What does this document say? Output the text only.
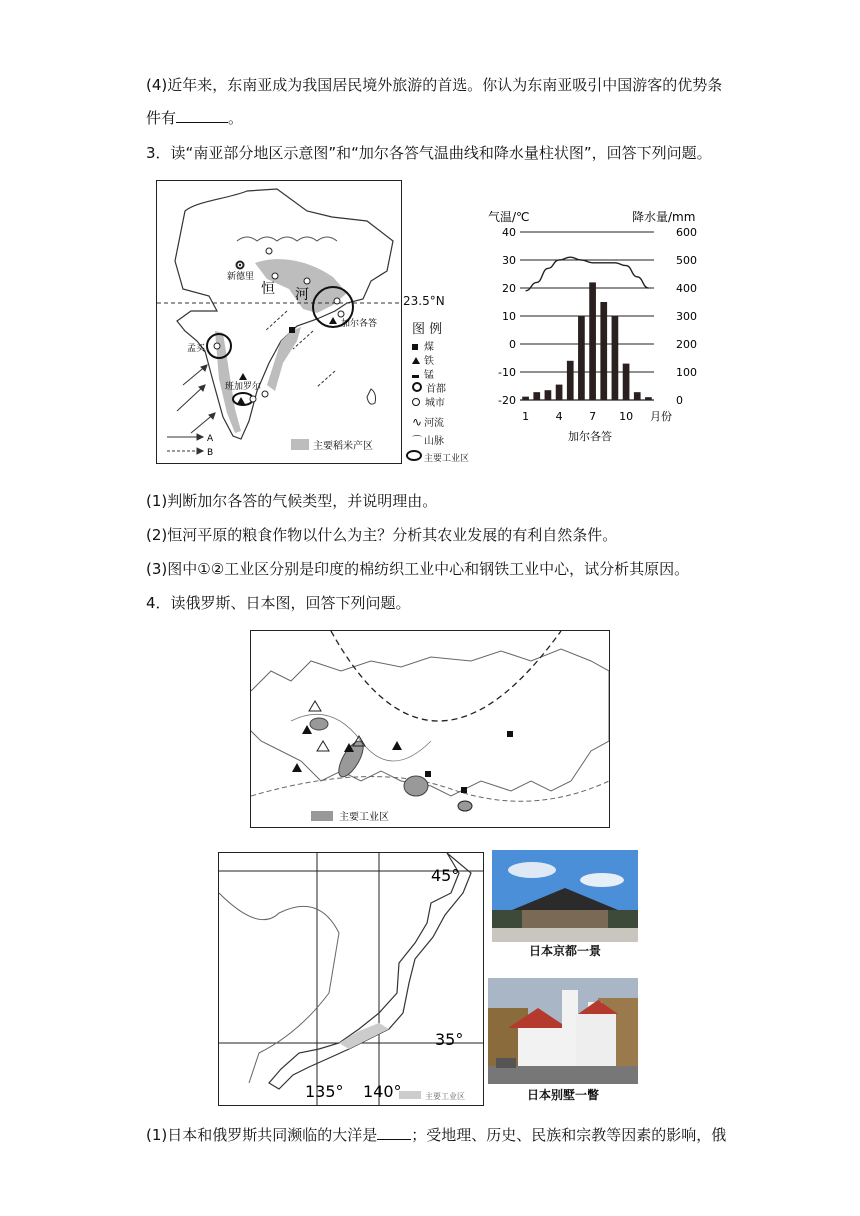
(4)近年来，东南亚成为我国居民境外旅游的首选。你认为东南亚吸引中国游客的优势条
件有	。
3．读“南亚部分地区示意图”和“加尔各答气温曲线和降水量柱状图”，回答下列问题。
新德里
恒 河
加尔各答
孟买
班加罗尔
A
B
主要稻米产区
23.5°N
图 例
煤
铁
锰
首都
城市
∿ 河流
⌒ 山脉
主要工业区
气温/℃	降水量/mm
40
30
20
10
0
-10
-20
600
500
400
300
200
100
0
1 4 7 10 月份
加尔各答
(1)判断加尔各答的气候类型，并说明理由。
(2)恒河平原的粮食作物以什么为主？分析其农业发展的有利自然条件。
(3)图中①②工业区分别是印度的棉纺织工业中心和钢铁工业中心，试分析其原因。
4．读俄罗斯、日本图，回答下列问题。
主要工业区
主要工业区
45°
35°
135° 140°
日本京都一景
日本别墅一瞥
(1)日本和俄罗斯共同濒临的大洋是 ；受地理、历史、民族和宗教等因素的影响，俄
